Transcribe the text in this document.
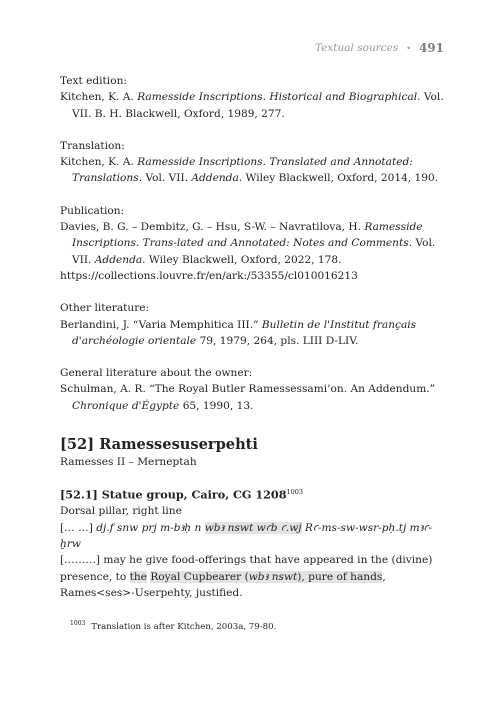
Textual sources • 491

Text edition:

Kitchen, K. A. Ramesside Inscriptions. Historical and Biographical. Vol. VII. B. H. Blackwell, Oxford, 1989, 277.

Translation:

Kitchen, K. A. Ramesside Inscriptions. Translated and Annotated: Translations. Vol. VII. Addenda. Wiley Blackwell, Oxford, 2014, 190.

Publication:

Davies, B. G. – Dembitz, G. – Hsu, S-W. – Navratilova, H. Ramesside Inscriptions. Trans-lated and Annotated: Notes and Comments. Vol. VII. Addenda. Wiley Blackwell, Oxford, 2022, 178.

https://collections.louvre.fr/en/ark:/53355/cl010016213

Other literature:

Berlandini, J. “Varia Memphitica III.” Bulletin de l'Institut français d'archéologie orientale 79, 1979, 264, pls. LIII D-LIV.

General literature about the owner:

Schulman, A. R. “The Royal Butler Ramessessami’on. An Addendum.” Chronique d'Égypte 65, 1990, 13.

[52] Ramessesuserpehti

Ramesses II – Merneptah

[52.1] Statue group, Cairo, CG $1208^{1003}$

Dorsal pillar, right line

[… …] dj.f snw prj m-bꜣḥ n wbꜣ nswt wꜥb ꜥ.wj Rꜥ-ms-sw-wsr-pḥ.tj mꜣꜥ-ḫrw

[………] may he give food-offerings that have appeared in the (divine) presence, to the Royal Cupbearer (wbꜣ nswt), pure of hands, Rames<ses>-Userpehty, justified.

$^{1003}$ Translation is after Kitchen, 2003a, 79-80.
